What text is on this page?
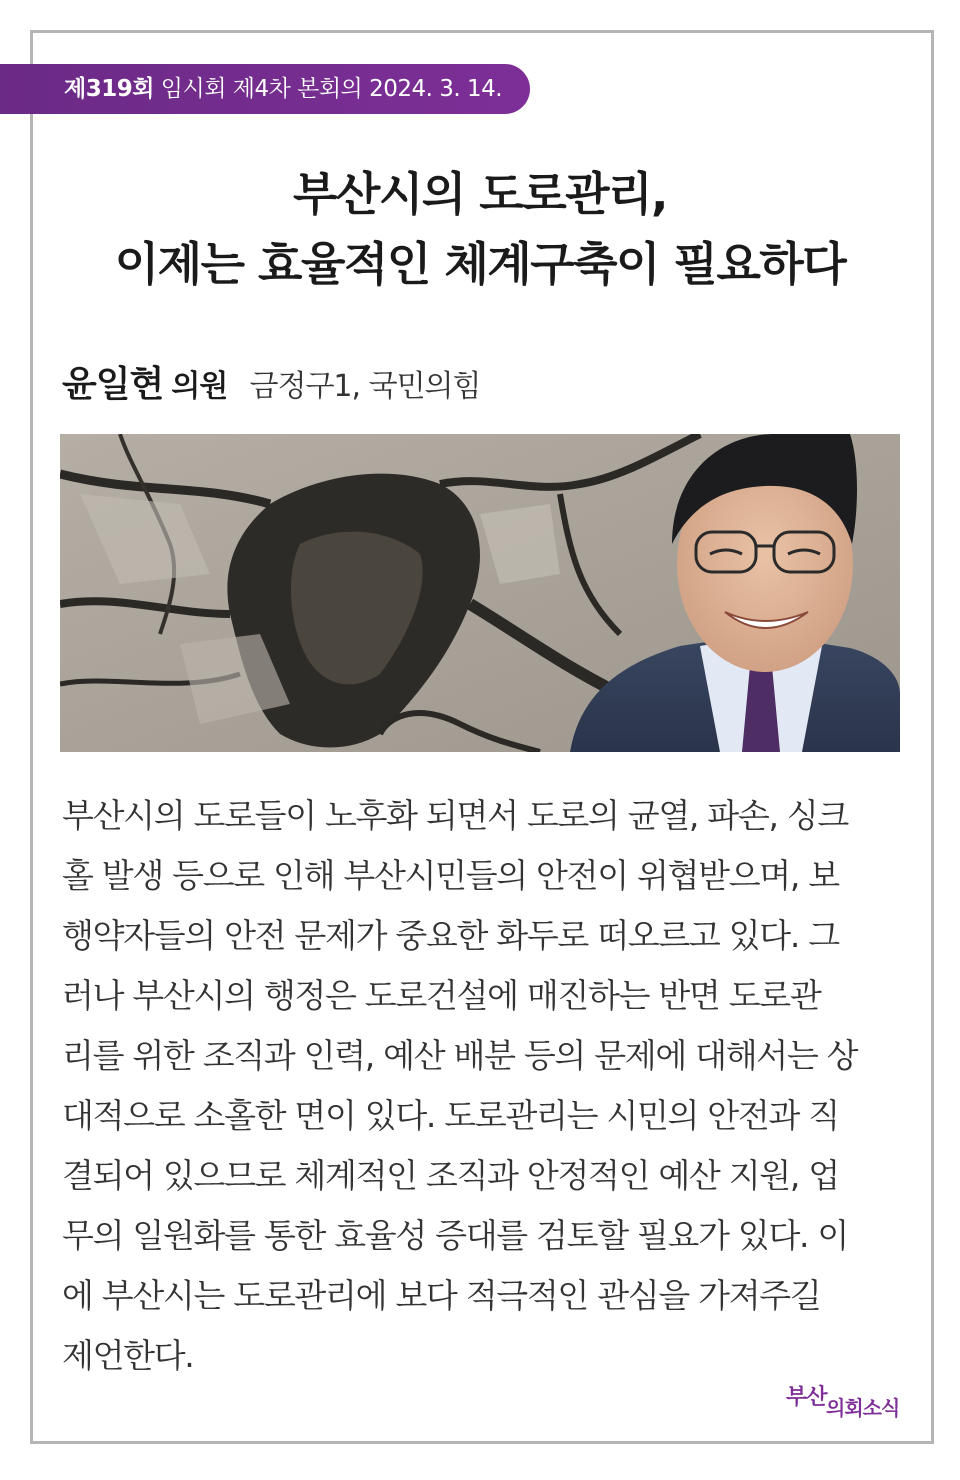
제319회 임시회 제4차 본회의 2024. 3. 14.
부산시의 도로관리,
이제는 효율적인 체계구축이 필요하다
윤일현 의원 금정구1, 국민의힘
부산시의 도로들이 노후화 되면서 도로의 균열, 파손, 싱크
홀 발생 등으로 인해 부산시민들의 안전이 위협받으며, 보
행약자들의 안전 문제가 중요한 화두로 떠오르고 있다. 그
러나 부산시의 행정은 도로건설에 매진하는 반면 도로관
리를 위한 조직과 인력, 예산 배분 등의 문제에 대해서는 상
대적으로 소홀한 면이 있다. 도로관리는 시민의 안전과 직
결되어 있으므로 체계적인 조직과 안정적인 예산 지원, 업
무의 일원화를 통한 효율성 증대를 검토할 필요가 있다. 이
에 부산시는 도로관리에 보다 적극적인 관심을 가져주길
제언한다.
부산 의회소식
